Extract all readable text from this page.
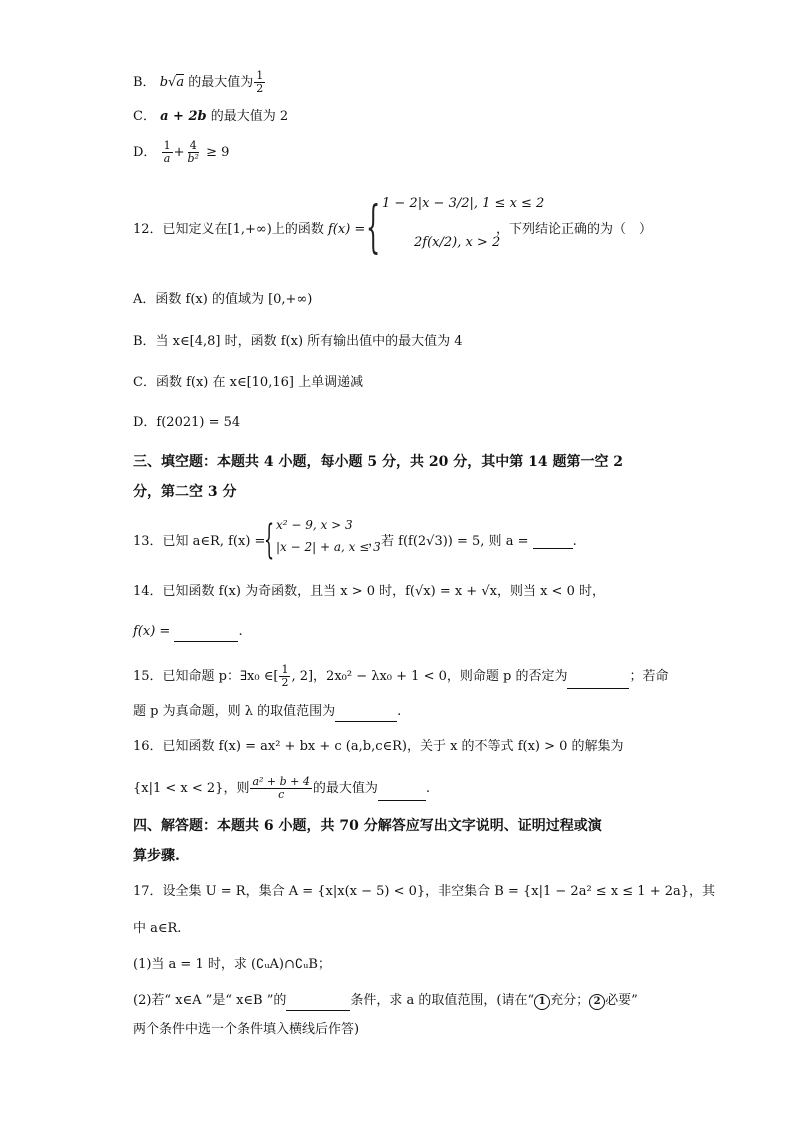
B． b√a 的最大值为 $\frac{1}{2}$
C． a + 2b 的最大值为 2
D． $\frac{1}{a} + \frac{4}{\text{b²}} \ge 9$
12．已知定义在[1,+∞)上的函数 f(x) = { 1 − 2|x − 3/2|, 1 ≤ x ≤ 2
2f(x/2), x > 2
，下列结论正确的为（　）
A．函数 f(x) 的值域为 [0,+∞)
B．当 x∈[4,8] 时，函数 f(x) 所有输出值中的最大值为 4
C．函数 f(x) 在 x∈[10,16] 上单调递减
D．f(2021) = 54
三、填空题：本题共 4 小题，每小题 5 分，共 20 分，其中第 14 题第一空 2
分，第二空 3 分
13．已知 a∈R, f(x) =
{ x² − 9, x > 3
|x − 2| + a, x ≤ 3
，若 f(f(2√3)) = 5, 则 a =	.
14．已知函数 f(x) 为奇函数，且当 x > 0 时，f(√x) = x + √x，则当 x < 0 时，
f(x) =	.
15．已知命题 p：∃x₀ ∈[ $\frac{1}{2}$ , 2]，2x₀² − λx₀ + 1 < 0，则命题 p 的否定为	；若命
题 p 为真命题，则 λ 的取值范围为	.
16．已知函数 f(x) = ax² + bx + c (a,b,c∈R)，关于 x 的不等式 f(x) > 0 的解集为
{x|1 < x < 2}，则 $\frac{\text{a² + b + 4}}{c}$ 的最大值为	.
四、解答题：本题共 6 小题，共 70 分解答应写出文字说明、证明过程或演
算步骤.
17．设全集 U = R，集合 A = {x|x(x − 5) < 0}，非空集合 B = {x|1 − 2a² ≤ x ≤ 1 + 2a}，其
中 a∈R.
(1)当 a = 1 时，求 (∁ᵤA)∩∁ᵤB；
(2)若“ x∈A ”是“ x∈B ”的	条件，求 a 的取值范围，(请在“ 1 充分； 2 必要”
两个条件中选一个条件填入横线后作答)
